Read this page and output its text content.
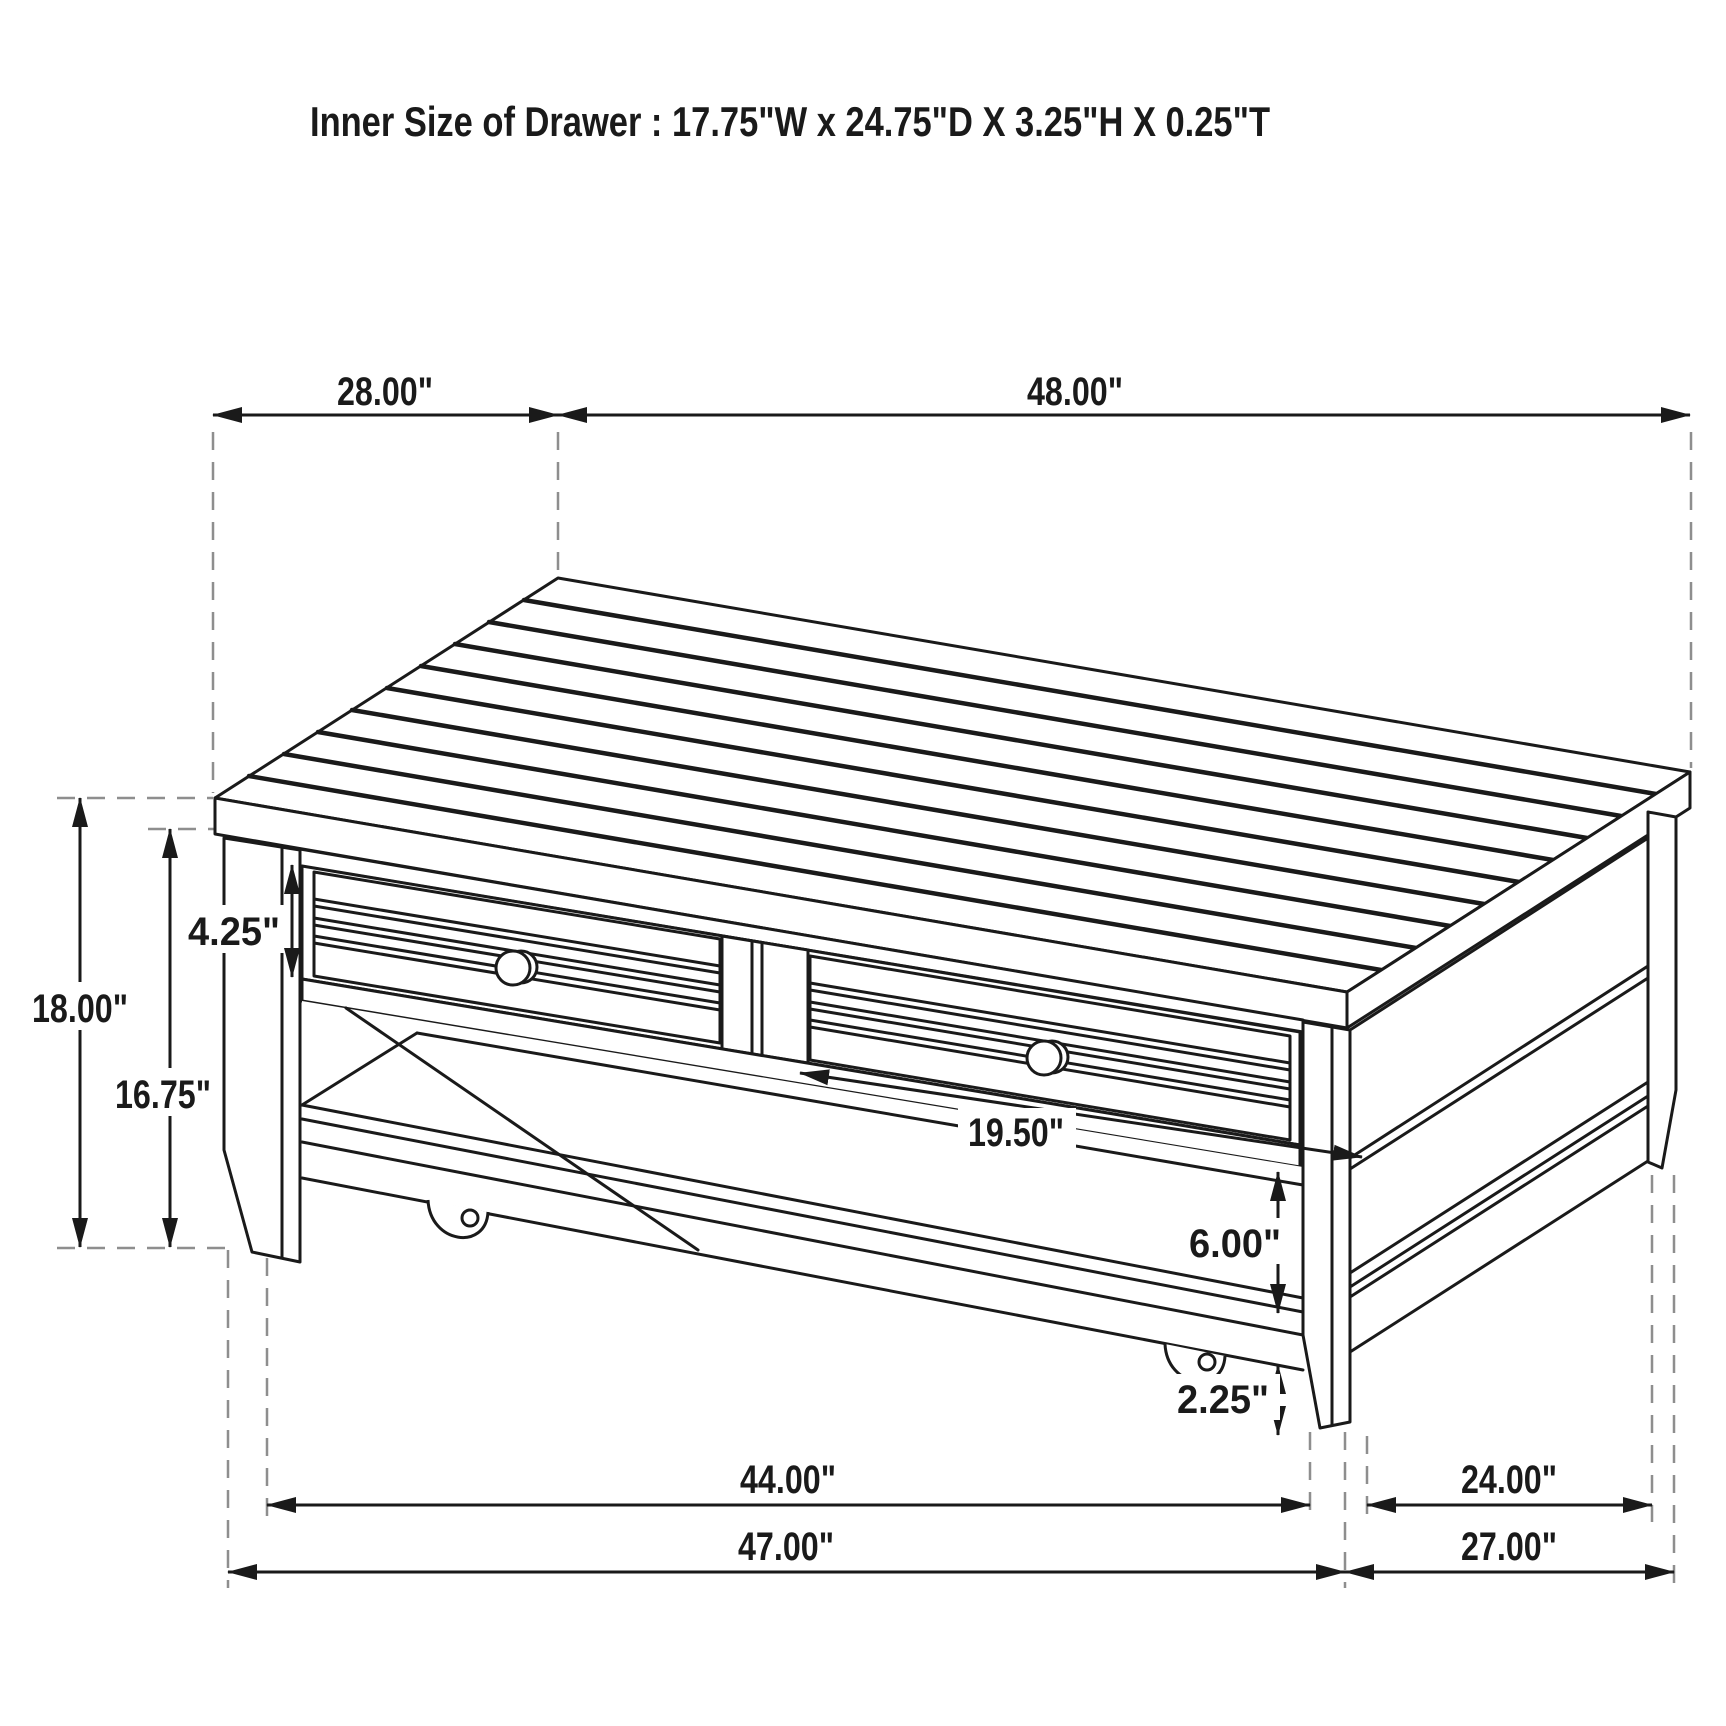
Inner Size of Drawer : 17.75"W x 24.75"D X 3.25"H X 0.25"T
28.00"	48.00"
18.00"
16.75"
4.25"
19.50"
6.00"
2.25"
44.00"	24.00"
47.00"	27.00"
